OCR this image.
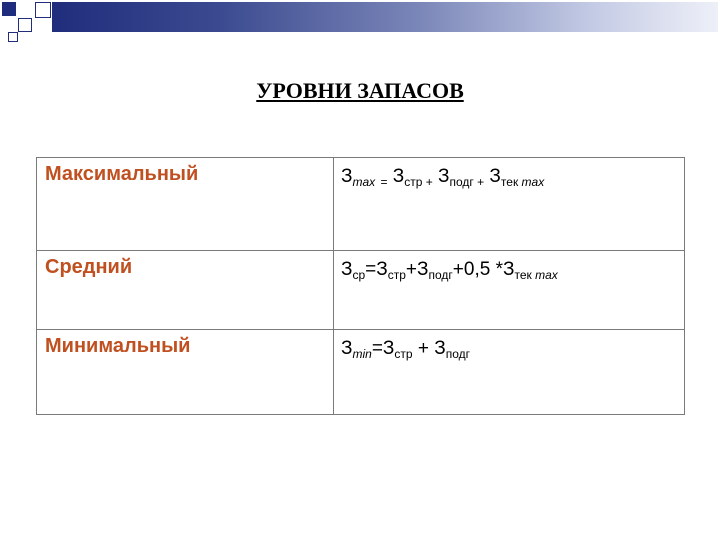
УРОВНИ ЗАПАСОВ
Максимальный	$З_{max}$ $_=$ $З_{стр +}$ $З_{подг +}$ $З_{тек}$ $_{max}$
Средний	$З_{ср}=З_{стр}+З_{подг}+0,5$ $*З_{тек}$ $_{max}$
Минимальный	$З_{min}=З_{стр} + З_{подг}$
